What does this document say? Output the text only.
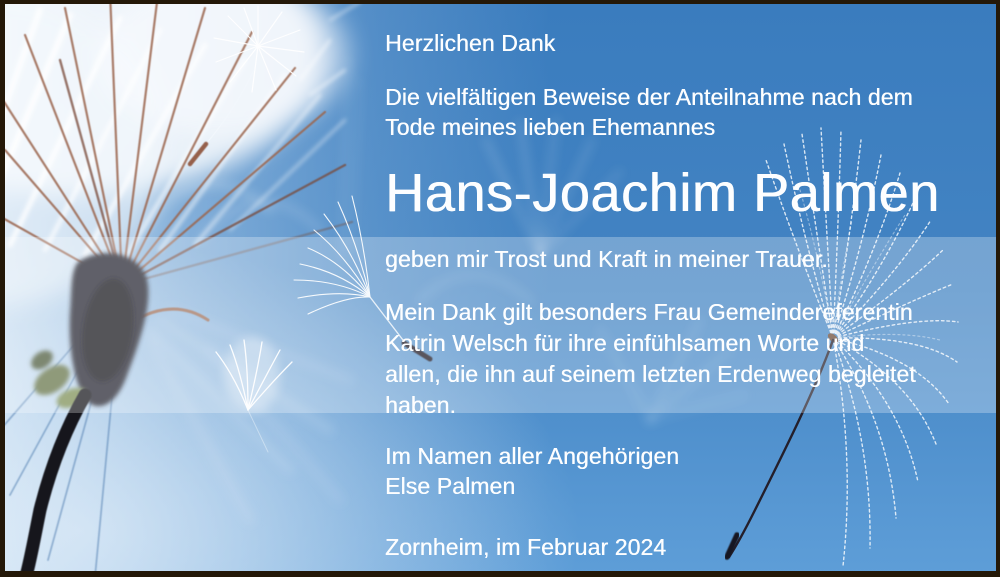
Herzlichen Dank
Die vielfältigen Beweise der Anteilnahme nach dem
Tode meines lieben Ehemannes
Hans-Joachim Palmen
geben mir Trost und Kraft in meiner Trauer.
Mein Dank gilt besonders Frau Gemeindereferentin
Katrin Welsch für ihre einfühlsamen Worte und
allen, die ihn auf seinem letzten Erdenweg begleitet
haben.
Im Namen aller Angehörigen
Else Palmen
Zornheim, im Februar 2024
